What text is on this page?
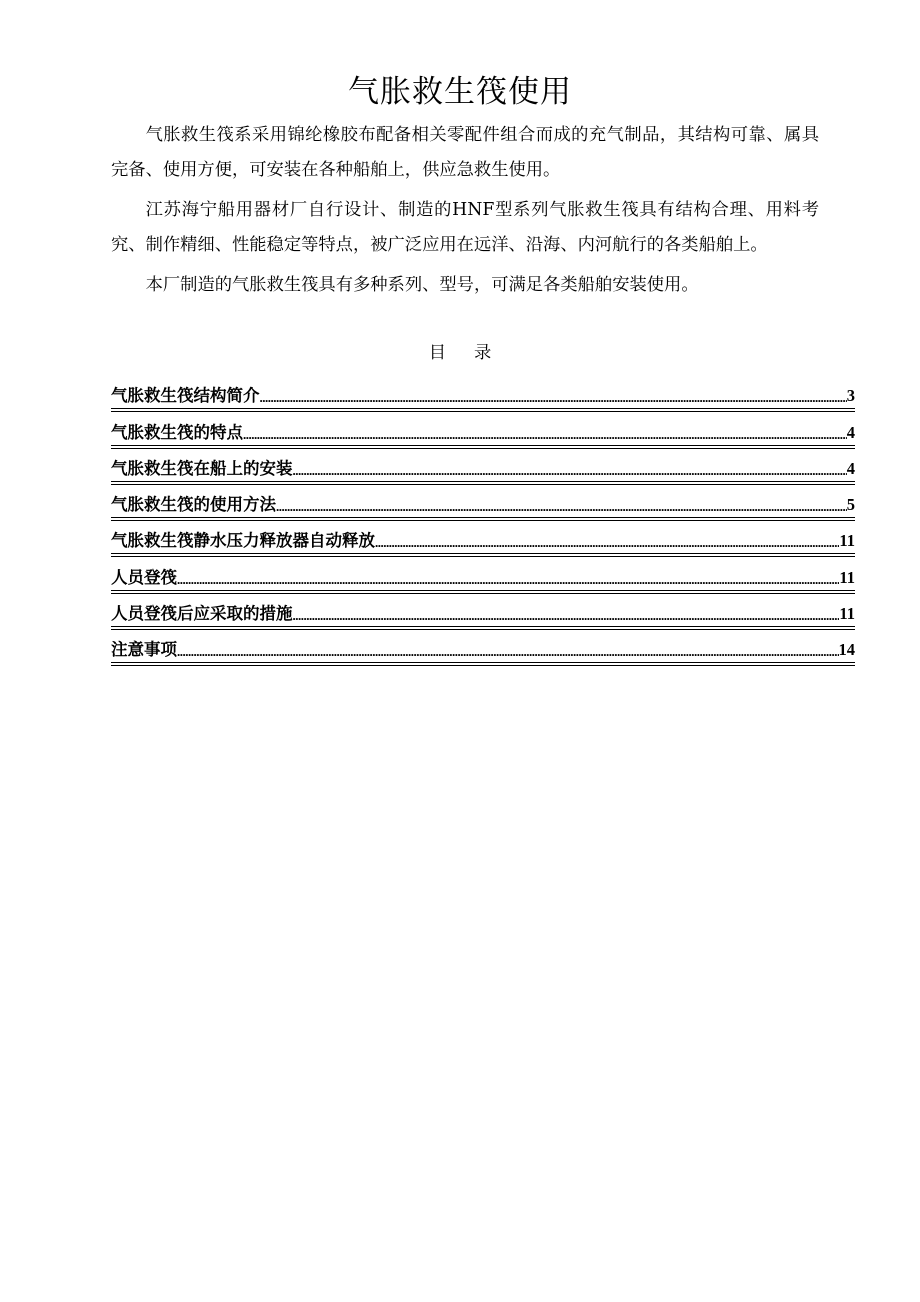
气胀救生筏使用

气胀救生筏系采用锦纶橡胶布配备相关零配件组合而成的充气制品，其结构可靠、属具完备、使用方便，可安装在各种船舶上，供应急救生使用。

江苏海宁船用器材厂自行设计、制造的HNF型系列气胀救生筏具有结构合理、用料考究、制作精细、性能稳定等特点，被广泛应用在远洋、沿海、内河航行的各类船舶上。

本厂制造的气胀救生筏具有多种系列、型号，可满足各类船舶安装使用。

目 录
气胀救生筏结构简介 .....	3
气胀救生筏的特点 .....	4
气胀救生筏在船上的安装 .....	4
气胀救生筏的使用方法 .....	5
气胀救生筏静水压力释放器自动释放 .....	11
人员登筏 .....	11
人员登筏后应采取的措施 .....	11
注意事项 .....	14
